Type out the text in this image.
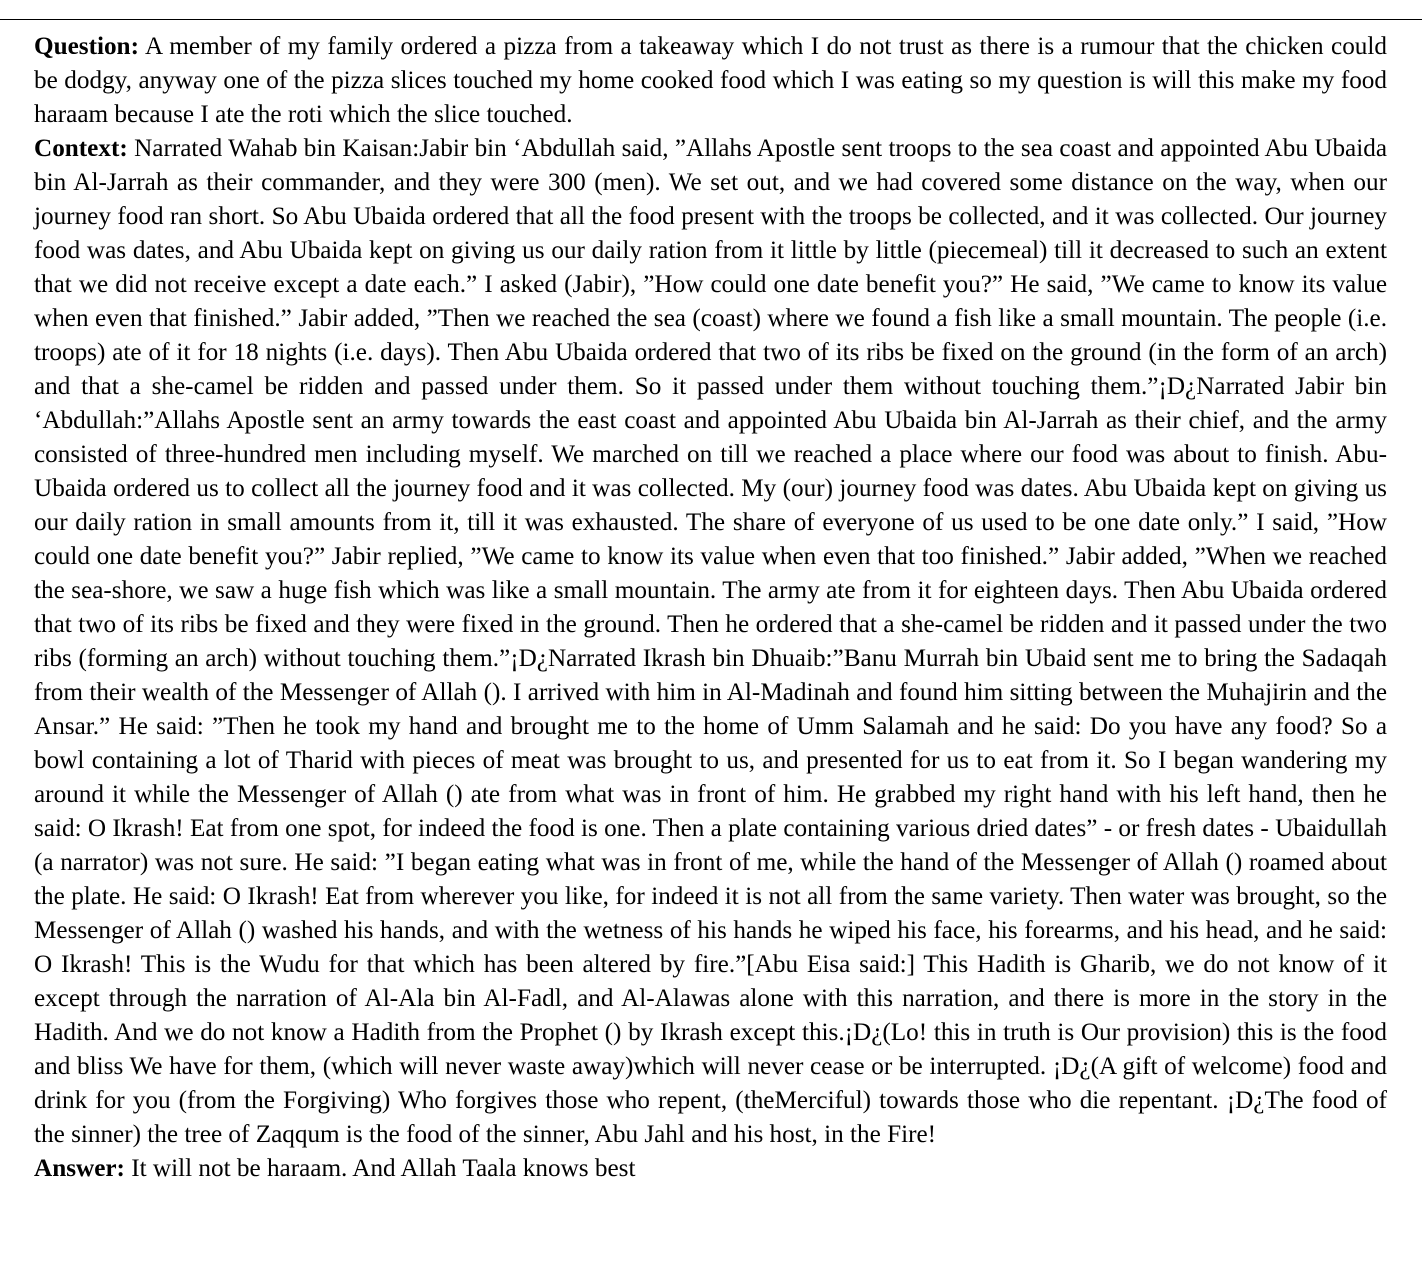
Question: A member of my family ordered a pizza from a takeaway which I do not trust as there is a rumour that the chicken could be dodgy, anyway one of the pizza slices touched my home cooked food which I was eating so my question is will this make my food haraam because I ate the roti which the slice touched.

Context: Narrated Wahab bin Kaisan:Jabir bin ‘Abdullah said, ”Allahs Apostle sent troops to the sea coast and appointed Abu Ubaida bin Al-Jarrah as their commander, and they were 300 (men). We set out, and we had covered some distance on the way, when our journey food ran short. So Abu Ubaida ordered that all the food present with the troops be collected, and it was collected. Our journey food was dates, and Abu Ubaida kept on giving us our daily ration from it little by little (piecemeal) till it decreased to such an extent that we did not receive except a date each.” I asked (Jabir), ”How could one date benefit you?” He said, ”We came to know its value when even that finished.” Jabir added, ”Then we reached the sea (coast) where we found a fish like a small mountain. The people (i.e. troops) ate of it for 18 nights (i.e. days). Then Abu Ubaida ordered that two of its ribs be fixed on the ground (in the form of an arch) and that a she-camel be ridden and passed under them. So it passed under them without touching them.”¡D¿Narrated Jabir bin ‘Abdullah:”Allahs Apostle sent an army towards the east coast and appointed Abu Ubaida bin Al-Jarrah as their chief, and the army consisted of three-hundred men including myself. We marched on till we reached a place where our food was about to finish. Abu- Ubaida ordered us to collect all the journey food and it was collected. My (our) journey food was dates. Abu Ubaida kept on giving us our daily ration in small amounts from it, till it was exhausted. The share of everyone of us used to be one date only.” I said, ”How could one date benefit you?” Jabir replied, ”We came to know its value when even that too finished.” Jabir added, ”When we reached the sea-shore, we saw a huge fish which was like a small mountain. The army ate from it for eighteen days. Then Abu Ubaida ordered that two of its ribs be fixed and they were fixed in the ground. Then he ordered that a she-camel be ridden and it passed under the two ribs (forming an arch) without touching them.”¡D¿Narrated Ikrash bin Dhuaib:”Banu Murrah bin Ubaid sent me to bring the Sadaqah from their wealth of the Messenger of Allah (). I arrived with him in Al-Madinah and found him sitting between the Muhajirin and the Ansar.” He said: ”Then he took my hand and brought me to the home of Umm Salamah and he said: Do you have any food? So a bowl containing a lot of Tharid with pieces of meat was brought to us, and presented for us to eat from it. So I began wandering my around it while the Messenger of Allah () ate from what was in front of him. He grabbed my right hand with his left hand, then he said: O Ikrash! Eat from one spot, for indeed the food is one. Then a plate containing various dried dates” - or fresh dates - Ubaidullah (a narrator) was not sure. He said: ”I began eating what was in front of me, while the hand of the Messenger of Allah () roamed about the plate. He said: O Ikrash! Eat from wherever you like, for indeed it is not all from the same variety. Then water was brought, so the Messenger of Allah () washed his hands, and with the wetness of his hands he wiped his face, his forearms, and his head, and he said: O Ikrash! This is the Wudu for that which has been altered by fire.”[Abu Eisa said:] This Hadith is Gharib, we do not know of it except through the narration of Al-Ala bin Al-Fadl, and Al-Alawas alone with this narration, and there is more in the story in the Hadith. And we do not know a Hadith from the Prophet () by Ikrash except this.¡D¿(Lo! this in truth is Our provision) this is the food and bliss We have for them, (which will never waste away)which will never cease or be interrupted. ¡D¿(A gift of welcome) food and drink for you (from the Forgiving) Who forgives those who repent, (theMerciful) towards those who die repentant. ¡D¿The food of the sinner) the tree of Zaqqum is the food of the sinner, Abu Jahl and his host, in the Fire!

Answer: It will not be haraam. And Allah Taala knows best
